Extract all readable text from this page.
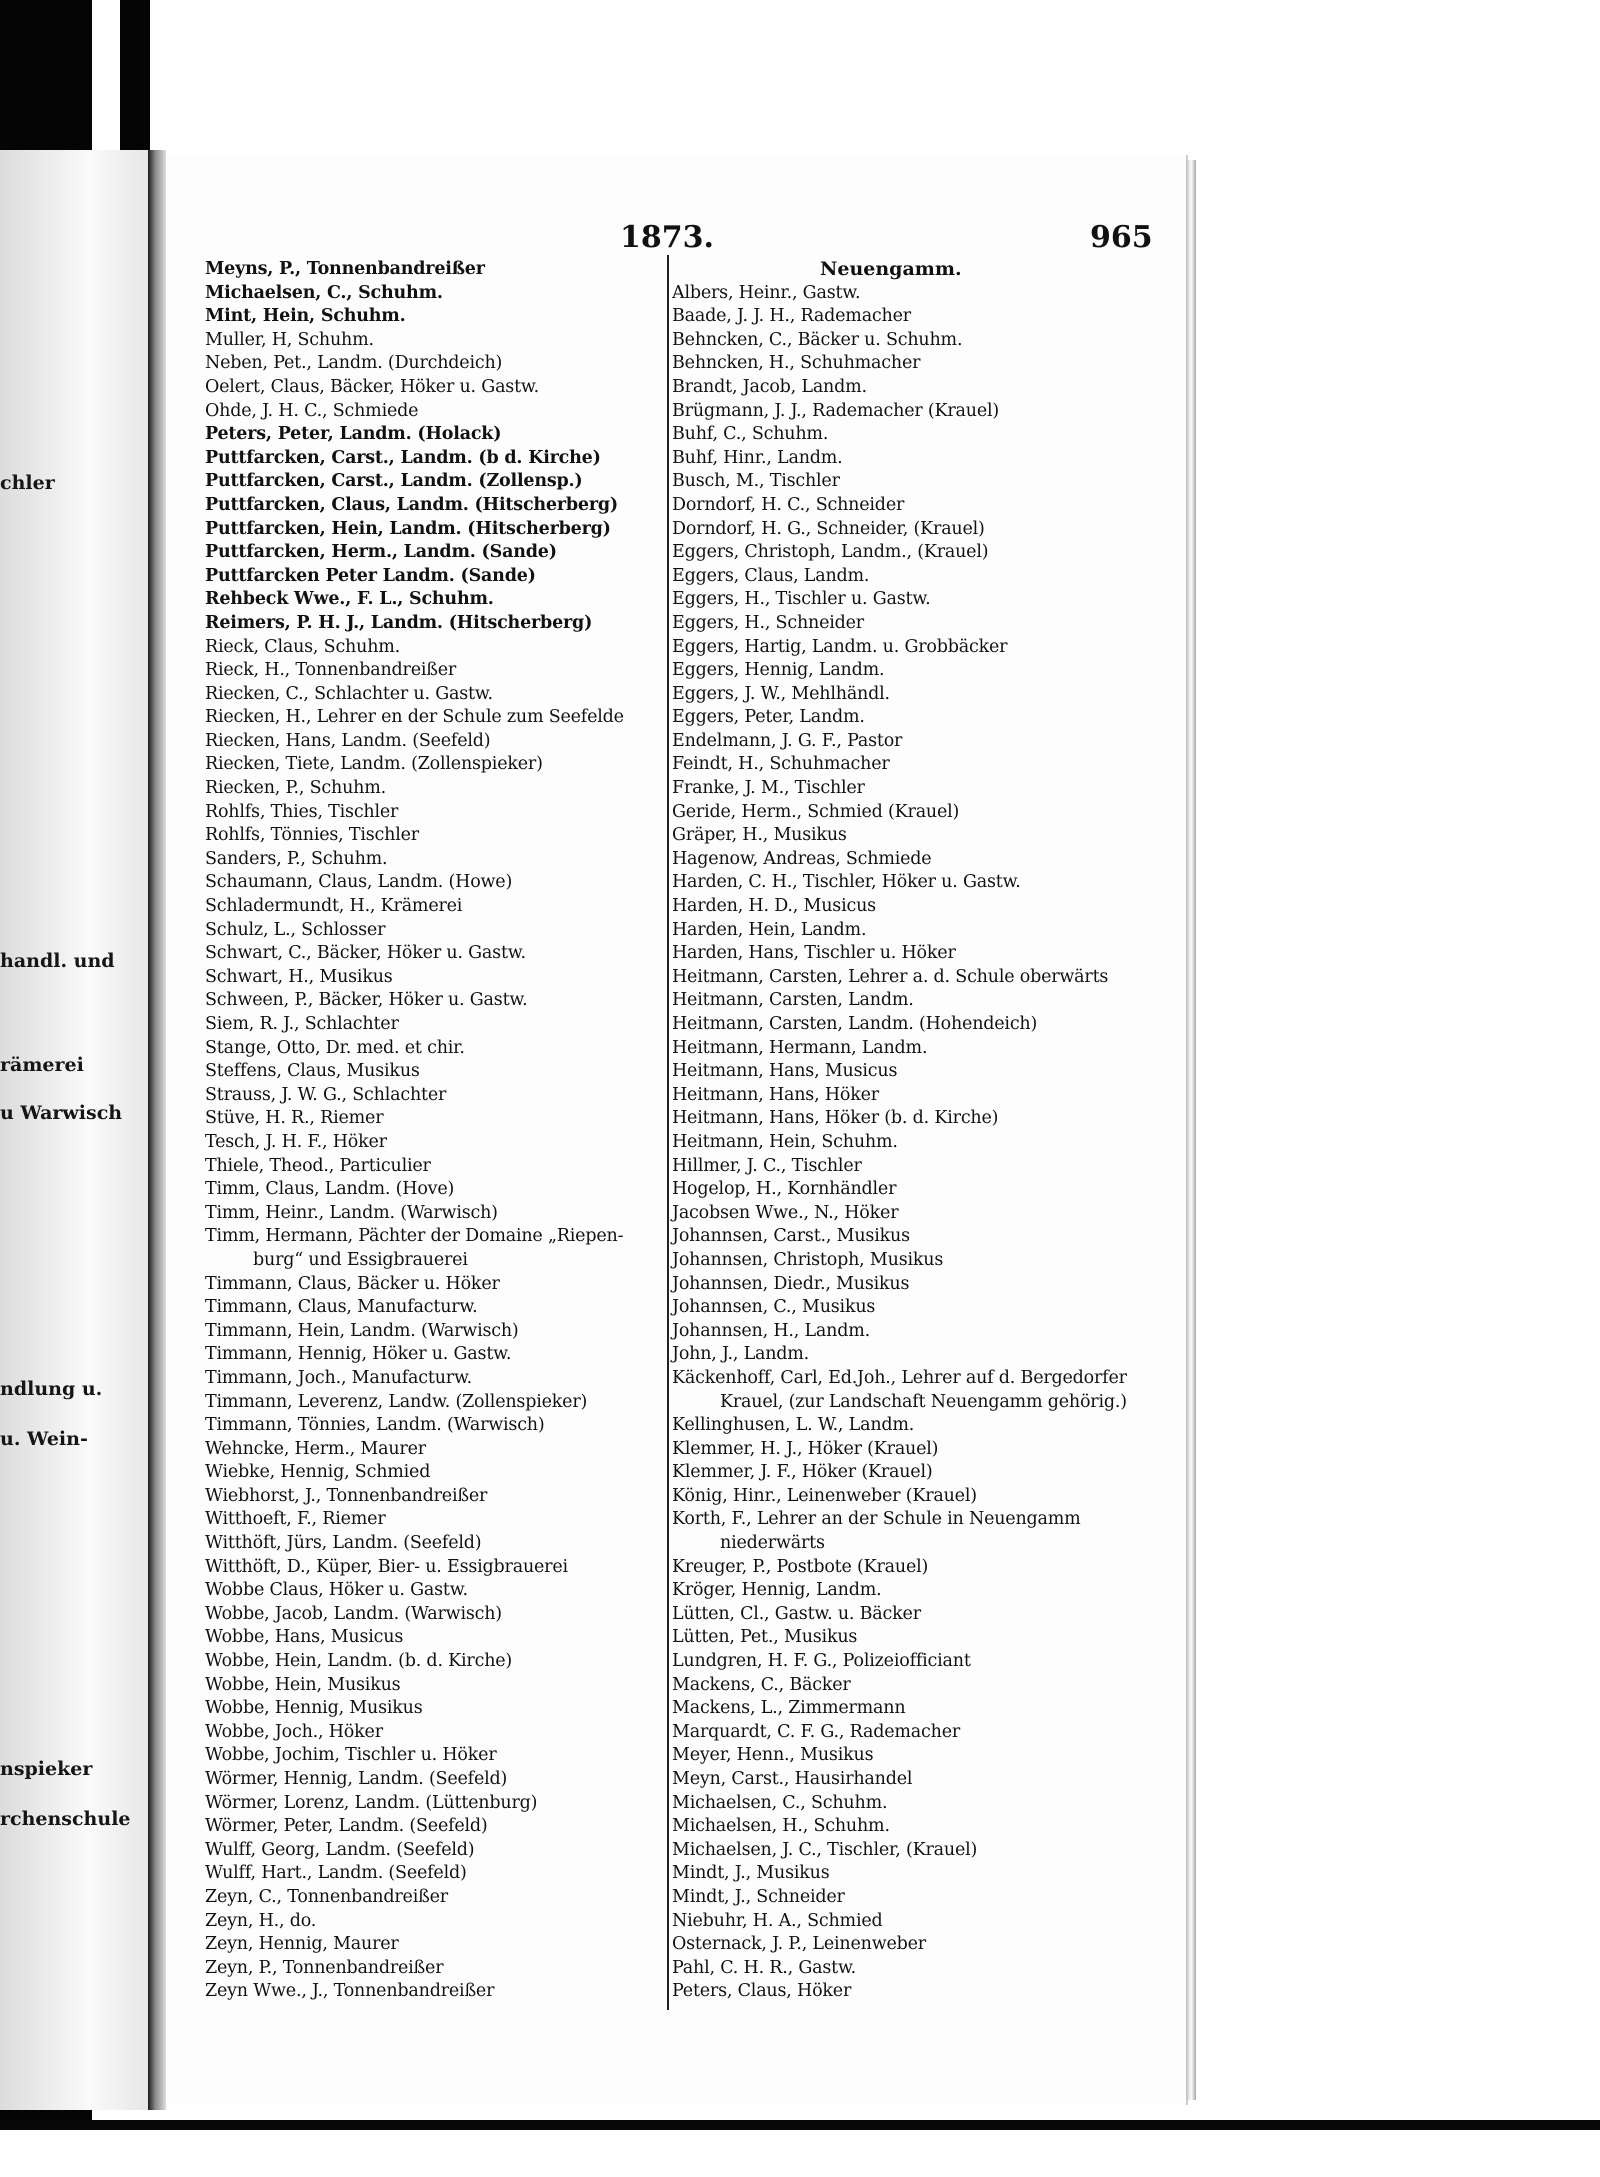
chler
handl. und
rämerei
u Warwisch
ndlung u.
u. Wein-
nspieker
rchenschule
1873.	965
Meyns, P., Tonnenbandreißer
Michaelsen, C., Schuhm.
Mint, Hein, Schuhm.
Muller, H, Schuhm.
Neben, Pet., Landm. (Durchdeich)
Oelert, Claus, Bäcker, Höker u. Gastw.
Ohde, J. H. C., Schmiede
Peters, Peter, Landm. (Holack)
Puttfarcken, Carst., Landm. (b d. Kirche)
Puttfarcken, Carst., Landm. (Zollensp.)
Puttfarcken, Claus, Landm. (Hitscherberg)
Puttfarcken, Hein, Landm. (Hitscherberg)
Puttfarcken, Herm., Landm. (Sande)
Puttfarcken Peter Landm. (Sande)
Rehbeck Wwe., F. L., Schuhm.
Reimers, P. H. J., Landm. (Hitscherberg)
Rieck, Claus, Schuhm.
Rieck, H., Tonnenbandreißer
Riecken, C., Schlachter u. Gastw.
Riecken, H., Lehrer en der Schule zum Seefelde
Riecken, Hans, Landm. (Seefeld)
Riecken, Tiete, Landm. (Zollenspieker)
Riecken, P., Schuhm.
Rohlfs, Thies, Tischler
Rohlfs, Tönnies, Tischler
Sanders, P., Schuhm.
Schaumann, Claus, Landm. (Howe)
Schladermundt, H., Krämerei
Schulz, L., Schlosser
Schwart, C., Bäcker, Höker u. Gastw.
Schwart, H., Musikus
Schween, P., Bäcker, Höker u. Gastw.
Siem, R. J., Schlachter
Stange, Otto, Dr. med. et chir.
Steffens, Claus, Musikus
Strauss, J. W. G., Schlachter
Stüve, H. R., Riemer
Tesch, J. H. F., Höker
Thiele, Theod., Particulier
Timm, Claus, Landm. (Hove)
Timm, Heinr., Landm. (Warwisch)
Timm, Hermann, Pächter der Domaine „Riepen-
burg“ und Essigbrauerei
Timmann, Claus, Bäcker u. Höker
Timmann, Claus, Manufacturw.
Timmann, Hein, Landm. (Warwisch)
Timmann, Hennig, Höker u. Gastw.
Timmann, Joch., Manufacturw.
Timmann, Leverenz, Landw. (Zollenspieker)
Timmann, Tönnies, Landm. (Warwisch)
Wehncke, Herm., Maurer
Wiebke, Hennig, Schmied
Wiebhorst, J., Tonnenbandreißer
Witthoeft, F., Riemer
Witthöft, Jürs, Landm. (Seefeld)
Witthöft, D., Küper, Bier- u. Essigbrauerei
Wobbe Claus, Höker u. Gastw.
Wobbe, Jacob, Landm. (Warwisch)
Wobbe, Hans, Musicus
Wobbe, Hein, Landm. (b. d. Kirche)
Wobbe, Hein, Musikus
Wobbe, Hennig, Musikus
Wobbe, Joch., Höker
Wobbe, Jochim, Tischler u. Höker
Wörmer, Hennig, Landm. (Seefeld)
Wörmer, Lorenz, Landm. (Lüttenburg)
Wörmer, Peter, Landm. (Seefeld)
Wulff, Georg, Landm. (Seefeld)
Wulff, Hart., Landm. (Seefeld)
Zeyn, C., Tonnenbandreißer
Zeyn, H., do.
Zeyn, Hennig, Maurer
Zeyn, P., Tonnenbandreißer
Zeyn Wwe., J., Tonnenbandreißer
Neuengamm.
Albers, Heinr., Gastw.
Baade, J. J. H., Rademacher
Behncken, C., Bäcker u. Schuhm.
Behncken, H., Schuhmacher
Brandt, Jacob, Landm.
Brügmann, J. J., Rademacher (Krauel)
Buhf, C., Schuhm.
Buhf, Hinr., Landm.
Busch, M., Tischler
Dorndorf, H. C., Schneider
Dorndorf, H. G., Schneider, (Krauel)
Eggers, Christoph, Landm., (Krauel)
Eggers, Claus, Landm.
Eggers, H., Tischler u. Gastw.
Eggers, H., Schneider
Eggers, Hartig, Landm. u. Grobbäcker
Eggers, Hennig, Landm.
Eggers, J. W., Mehlhändl.
Eggers, Peter, Landm.
Endelmann, J. G. F., Pastor
Feindt, H., Schuhmacher
Franke, J. M., Tischler
Geride, Herm., Schmied (Krauel)
Gräper, H., Musikus
Hagenow, Andreas, Schmiede
Harden, C. H., Tischler, Höker u. Gastw.
Harden, H. D., Musicus
Harden, Hein, Landm.
Harden, Hans, Tischler u. Höker
Heitmann, Carsten, Lehrer a. d. Schule oberwärts
Heitmann, Carsten, Landm.
Heitmann, Carsten, Landm. (Hohendeich)
Heitmann, Hermann, Landm.
Heitmann, Hans, Musicus
Heitmann, Hans, Höker
Heitmann, Hans, Höker (b. d. Kirche)
Heitmann, Hein, Schuhm.
Hillmer, J. C., Tischler
Hogelop, H., Kornhändler
Jacobsen Wwe., N., Höker
Johannsen, Carst., Musikus
Johannsen, Christoph, Musikus
Johannsen, Diedr., Musikus
Johannsen, C., Musikus
Johannsen, H., Landm.
John, J., Landm.
Käckenhoff, Carl, Ed.Joh., Lehrer auf d. Bergedorfer
Krauel, (zur Landschaft Neuengamm gehörig.)
Kellinghusen, L. W., Landm.
Klemmer, H. J., Höker (Krauel)
Klemmer, J. F., Höker (Krauel)
König, Hinr., Leinenweber (Krauel)
Korth, F., Lehrer an der Schule in Neuengamm
niederwärts
Kreuger, P., Postbote (Krauel)
Kröger, Hennig, Landm.
Lütten, Cl., Gastw. u. Bäcker
Lütten, Pet., Musikus
Lundgren, H. F. G., Polizeiofficiant
Mackens, C., Bäcker
Mackens, L., Zimmermann
Marquardt, C. F. G., Rademacher
Meyer, Henn., Musikus
Meyn, Carst., Hausirhandel
Michaelsen, C., Schuhm.
Michaelsen, H., Schuhm.
Michaelsen, J. C., Tischler, (Krauel)
Mindt, J., Musikus
Mindt, J., Schneider
Niebuhr, H. A., Schmied
Osternack, J. P., Leinenweber
Pahl, C. H. R., Gastw.
Peters, Claus, Höker
